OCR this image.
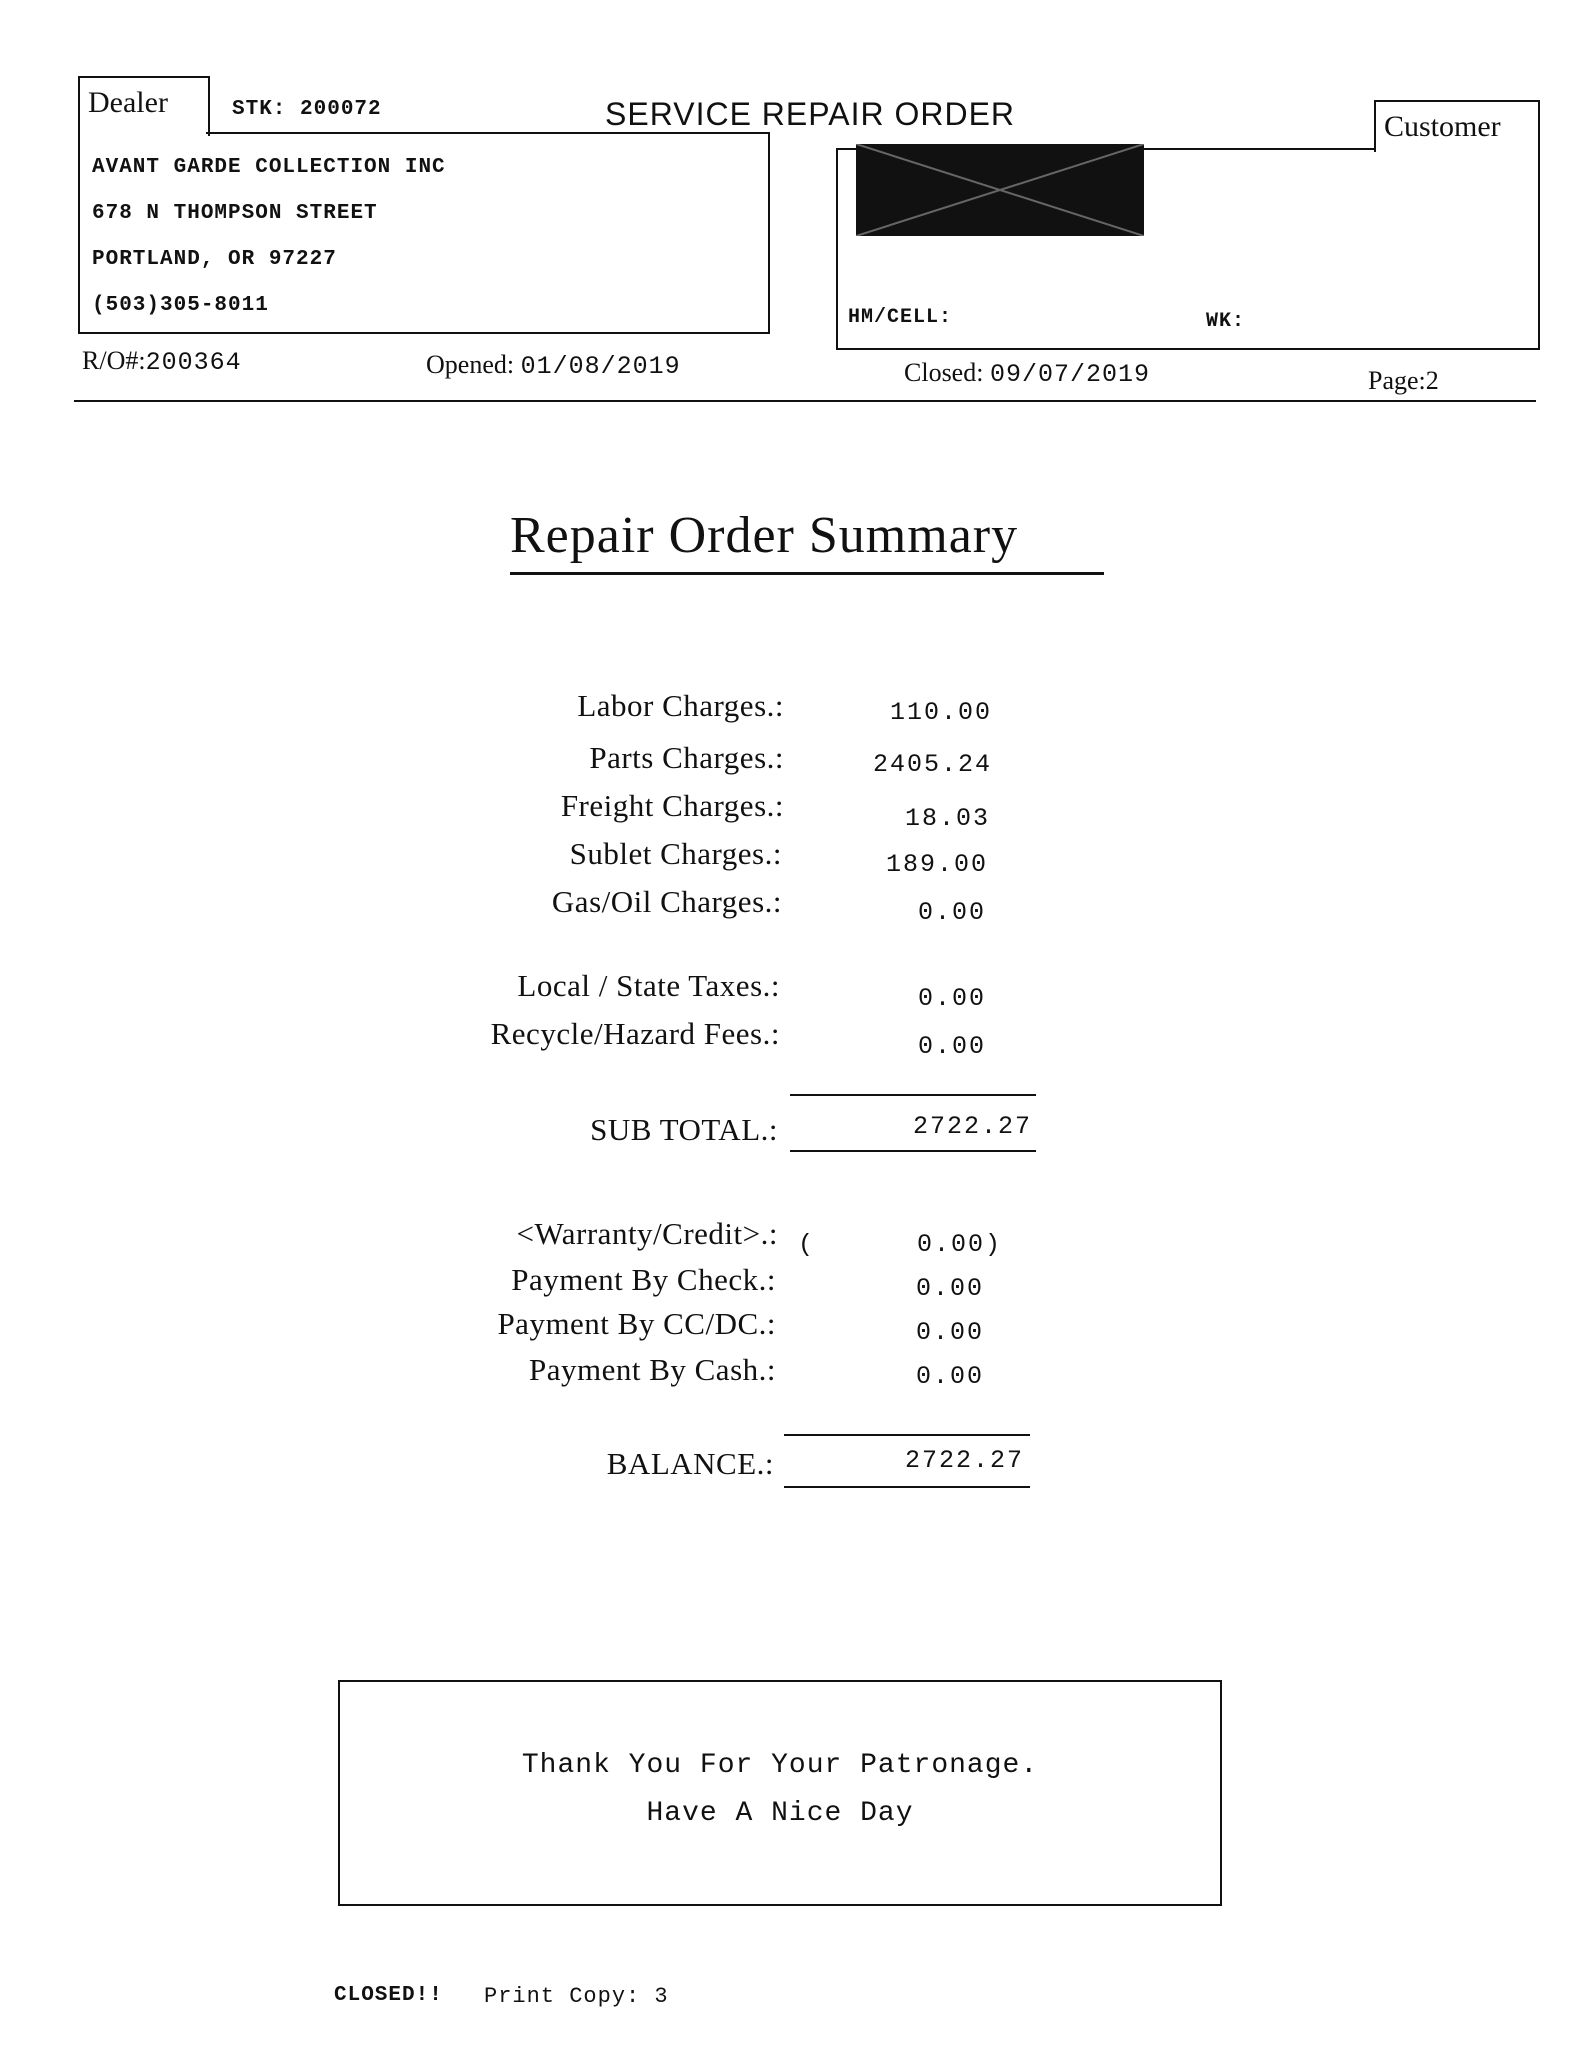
Dealer	STK: 200072
AVANT GARDE COLLECTION INC
678 N THOMPSON STREET
PORTLAND, OR 97227
(503)305-8011
SERVICE REPAIR ORDER	Customer
HM/CELL:	WK:
R/O#:200364	Opened: 01/08/2019	Closed: 09/07/2019	Page:2
Repair Order Summary
Labor Charges.:	110.00
Parts Charges.:	2405.24
Freight Charges.:	18.03
Sublet Charges.:	189.00
Gas/Oil Charges.:	0.00
Local / State Taxes.:	0.00
Recycle/Hazard Fees.:	0.00
SUB TOTAL.:	2722.27
<Warranty/Credit>.: (	0.00)
Payment By Check.:	0.00
Payment By CC/DC.:	0.00
Payment By Cash.:	0.00
BALANCE.:	2722.27
Thank You For Your Patronage.
Have A Nice Day
CLOSED!! Print Copy: 3
